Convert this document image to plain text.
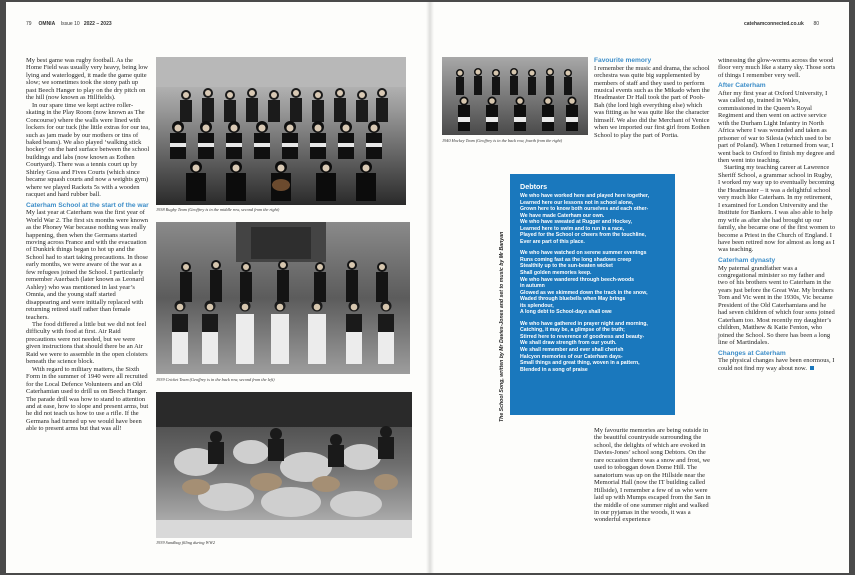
79 OMNIA Issue 10 2022 – 2023	catehamconnected.co.uk 80

My best game was rugby football. As the Home Field was usually very heavy, being low lying and waterlogged, it made the game quite slow; we sometimes took the stony path up past Beech Hanger to play on the dry pitch on the hill (now known as Hillfields).

In our spare time we kept active roller-skating in the Play Room (now known as The Concourse) where the walls were lined with lockers for our tuck (the little extras for our tea, such as jam made by our mothers or tins of baked beans). We also played ‘walking stick hockey’ on the hard surface between the school buildings and labs (now known as Eothen Courtyard). There was a tennis court up by Shirley Goss and Fives Courts (which since became squash courts and now a weights gym) where we played Rackets 5s with a wooden racquet and hard rubber ball.

Caterham School at the start of the war

My last year at Caterham was the first year of World War 2. The first six months were known as the Phoney War because nothing was really happening, then when the Germans started moving across France and with the evacuation of Dunkirk things began to hot up and the School had to start taking precautions. In those early months, we were aware of the war as a few refugees joined the School. I particularly remember Auerbach (later known as Leonard Ashley) who was mentioned in last year’s Omnia, and the young staff started disappearing and were initially replaced with returning retired staff rather than female teachers.

The food differed a little but we did not feel difficulty with food at first. Air Raid precautions were not needed, but we were given instructions that should there be an Air Raid we were to assemble in the open cloisters beneath the science block.

With regard to military matters, the Sixth Form in the summer of 1940 were all recruited for the Local Defence Volunteers and an Old Caterhamian used to drill us on Beech Hanger. The parade drill was how to stand to attention and at ease, how to slope and present arms, but he did not teach us how to use a rifle. If the Germans had turned up we would have been able to present arms but that was all!

1938 Rugby Team (Geoffrey is in the middle row, second from the right)
1939 Cricket Team (Geoffrey is in the back row, second from the left)
1939 Sandbag filling during WW2
1940 Hockey Team (Geoffrey is in the back row, fourth from the right)
The School Song, written by Mr Davies-Jones and set to music by Mr Banyan
Debtors
We who have worked here and played here together,
Learned here our lessons not in school alone,
Grown here to know both ourselves and each other-
We have made Caterham our own.
We who have sweated at Rugger and Hockey,
Learned here to swim and to run in a race,
Played for the School or cheers from the touchline,
Ever are part of this place.
We who have watched on serene summer evenings
Runs coming fast as the long shadows creep
Stealthily up to the sun-beaten wicket
Shall golden memories keep.
We who have wandered through beech-woods
in autumn
Glowed as we skimmed down the track in the snow,
Waded through bluebells when May brings
its splendour,
A long debt to School-days shall owe
We who have gathered in prayer night and morning,
Catching, it may be, a glimpse of the truth;
Stirred here to reverence of goodness and beauty-
We shall draw strength from our youth.
We shall remember and ever shall cherish
Halcyon memories of our Caterham days-
Small things and great thing, woven in a pattern,
Blended in a song of praise

Favourite memory

I remember the music and drama, the school orchestra was quite big supplemented by members of staff and they used to perform musical events such as the Mikado when the Headmaster Dr Hall took the part of Pooh-Bah (the lord high everything else) which was fitting as he was quite like the character himself. We also did the Merchant of Venice when we imported our first girl from Eothen School to play the part of Portia.

My favourite memories are being outside in the beautiful countryside surrounding the school, the delights of which are evoked in Davies-Jones’ school song Debtors. On the rare occasion there was a snow and frost, we used to toboggan down Dome Hill. The sanatorium was up on the Hillside near the Memorial Hall (now the IT building called Hillside), I remember a few of us who were laid up with Mumps escaped from the San in the middle of one summer night and walked in our pyjamas in the woods, it was a wonderful experience

witnessing the glow-worms across the wood floor very much like a starry sky. Those sorts of things I remember very well.

After Caterham

After my first year at Oxford University, I was called up, trained in Wales, commissioned in the Queen’s Royal Regiment and then went on active service with the Durham Light Infantry in North Africa where I was wounded and taken as prisoner of war to Silesia (which used to be part of Poland). When I returned from war, I went back to Oxford to finish my degree and then went into teaching.

Starting my teaching career at Lawrence Sheriff School, a grammar school in Rugby, I worked my way up to eventually becoming the Headmaster – it was a delightful school very much like Caterham. In my retirement, I examined for London University and the Institute for Bankers. I was also able to help my wife as after she had brought up our family, she became one of the first women to become a Priest in the Church of England. I have been retired now for almost as long as I was teaching.

Caterham dynasty

My paternal grandfather was a congregational minister so my father and two of his brothers went to Caterham in the years just before the Great War. My brothers Tom and Vic went in the 1930s, Vic became President of the Old Caterhamians and he had seven children of which four sons joined Caterham too. Most recently my daughter’s children, Matthew & Katie Fenton, who joined the School. So there has been a long line of Martindales.

Changes at Caterham

The physical changes have been enormous, I could not find my way about now.
